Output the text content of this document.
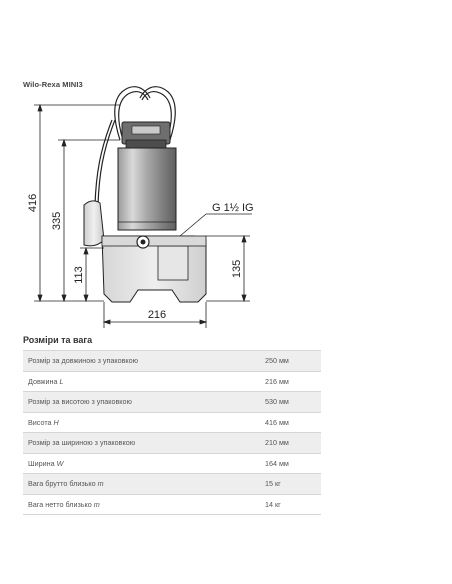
Wilo-Rexa MINI3
416
335
113	135
216
G 1½ IG
Розміри та вага
Розмір за довжиною з упаковкою	250 мм
Довжина L	216 мм
Розмір за висотою з упаковкою	530 мм
Висота H	416 мм
Розмір за шириною з упаковкою	210 мм
Ширина W	164 мм
Вага брутто близько m	15 кг
Вага нетто близько m	14 кг
